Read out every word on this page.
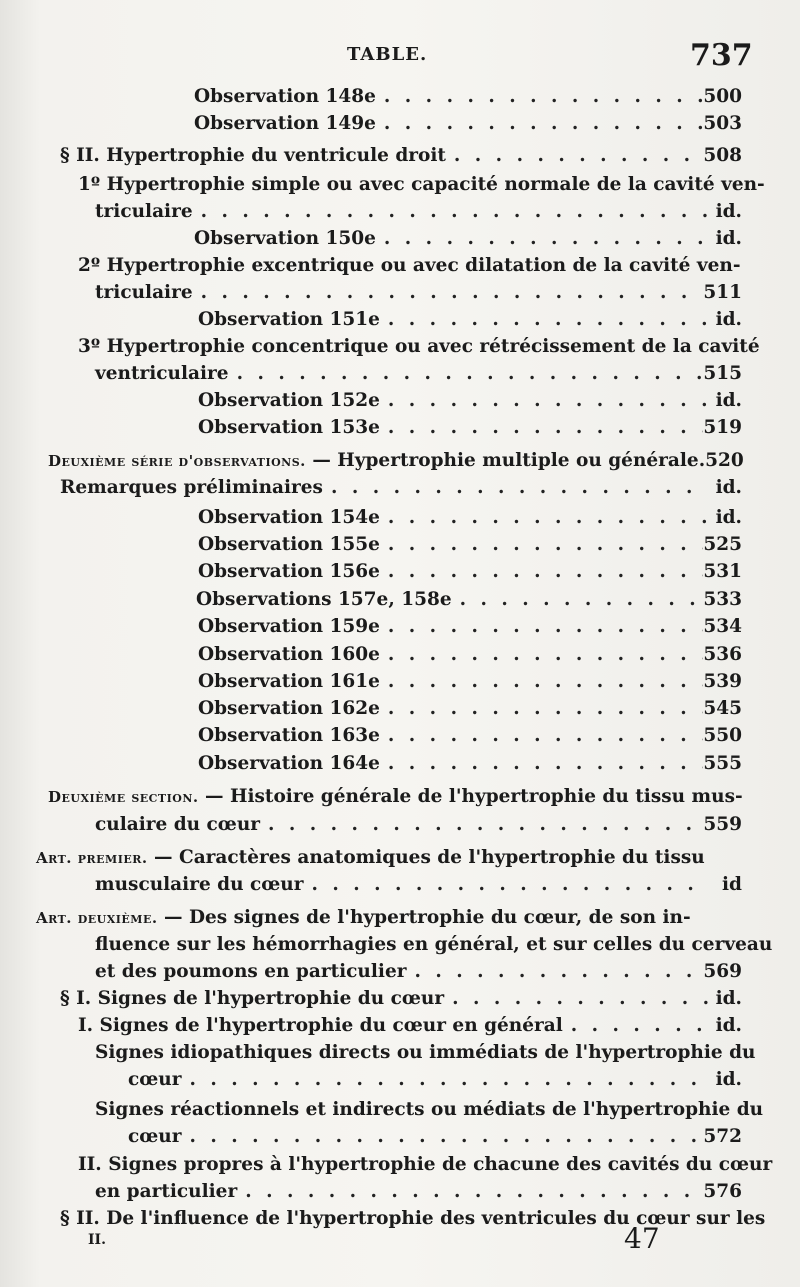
TABLE.	737
Observation 148e . . .	500
Observation 149e . . .	503
§ II. Hypertrophie du ventricule droit . . .	508
1º Hypertrophie simple ou avec capacité normale de la cavité ven-
triculaire . . .	id.
Observation 150e . . .	id.
2º Hypertrophie excentrique ou avec dilatation de la cavité ven-
triculaire . . .	511
Observation 151e . . .	id.
3º Hypertrophie concentrique ou avec rétrécissement de la cavité
ventriculaire . . .	515
Observation 152e . . .	id.
Observation 153e . . .	519
Deuxième série d'observations. — Hypertrophie multiple ou générale. 520
Remarques préliminaires . . .	id.
Observation 154e . . .	id.
Observation 155e . . .	525
Observation 156e . . .	531
Observations 157e, 158e . . .	533
Observation 159e . . .	534
Observation 160e . . .	536
Observation 161e . . .	539
Observation 162e . . .	545
Observation 163e . . .	550
Observation 164e . . .	555
Deuxième section. — Histoire générale de l'hypertrophie du tissu mus-
culaire du cœur . . .	559
Art. premier. — Caractères anatomiques de l'hypertrophie du tissu
musculaire du cœur . . .	id
Art. deuxième. — Des signes de l'hypertrophie du cœur, de son in-
fluence sur les hémorrhagies en général, et sur celles du cerveau
et des poumons en particulier . . .	569
§ I. Signes de l'hypertrophie du cœur . . .	id.
I. Signes de l'hypertrophie du cœur en général . . .	id.
Signes idiopathiques directs ou immédiats de l'hypertrophie du
cœur . . .	id.
Signes réactionnels et indirects ou médiats de l'hypertrophie du
cœur . . .	572
II. Signes propres à l'hypertrophie de chacune des cavités du cœur
en particulier . . .	576
§ II. De l'influence de l'hypertrophie des ventricules du cœur sur les
II.	47
